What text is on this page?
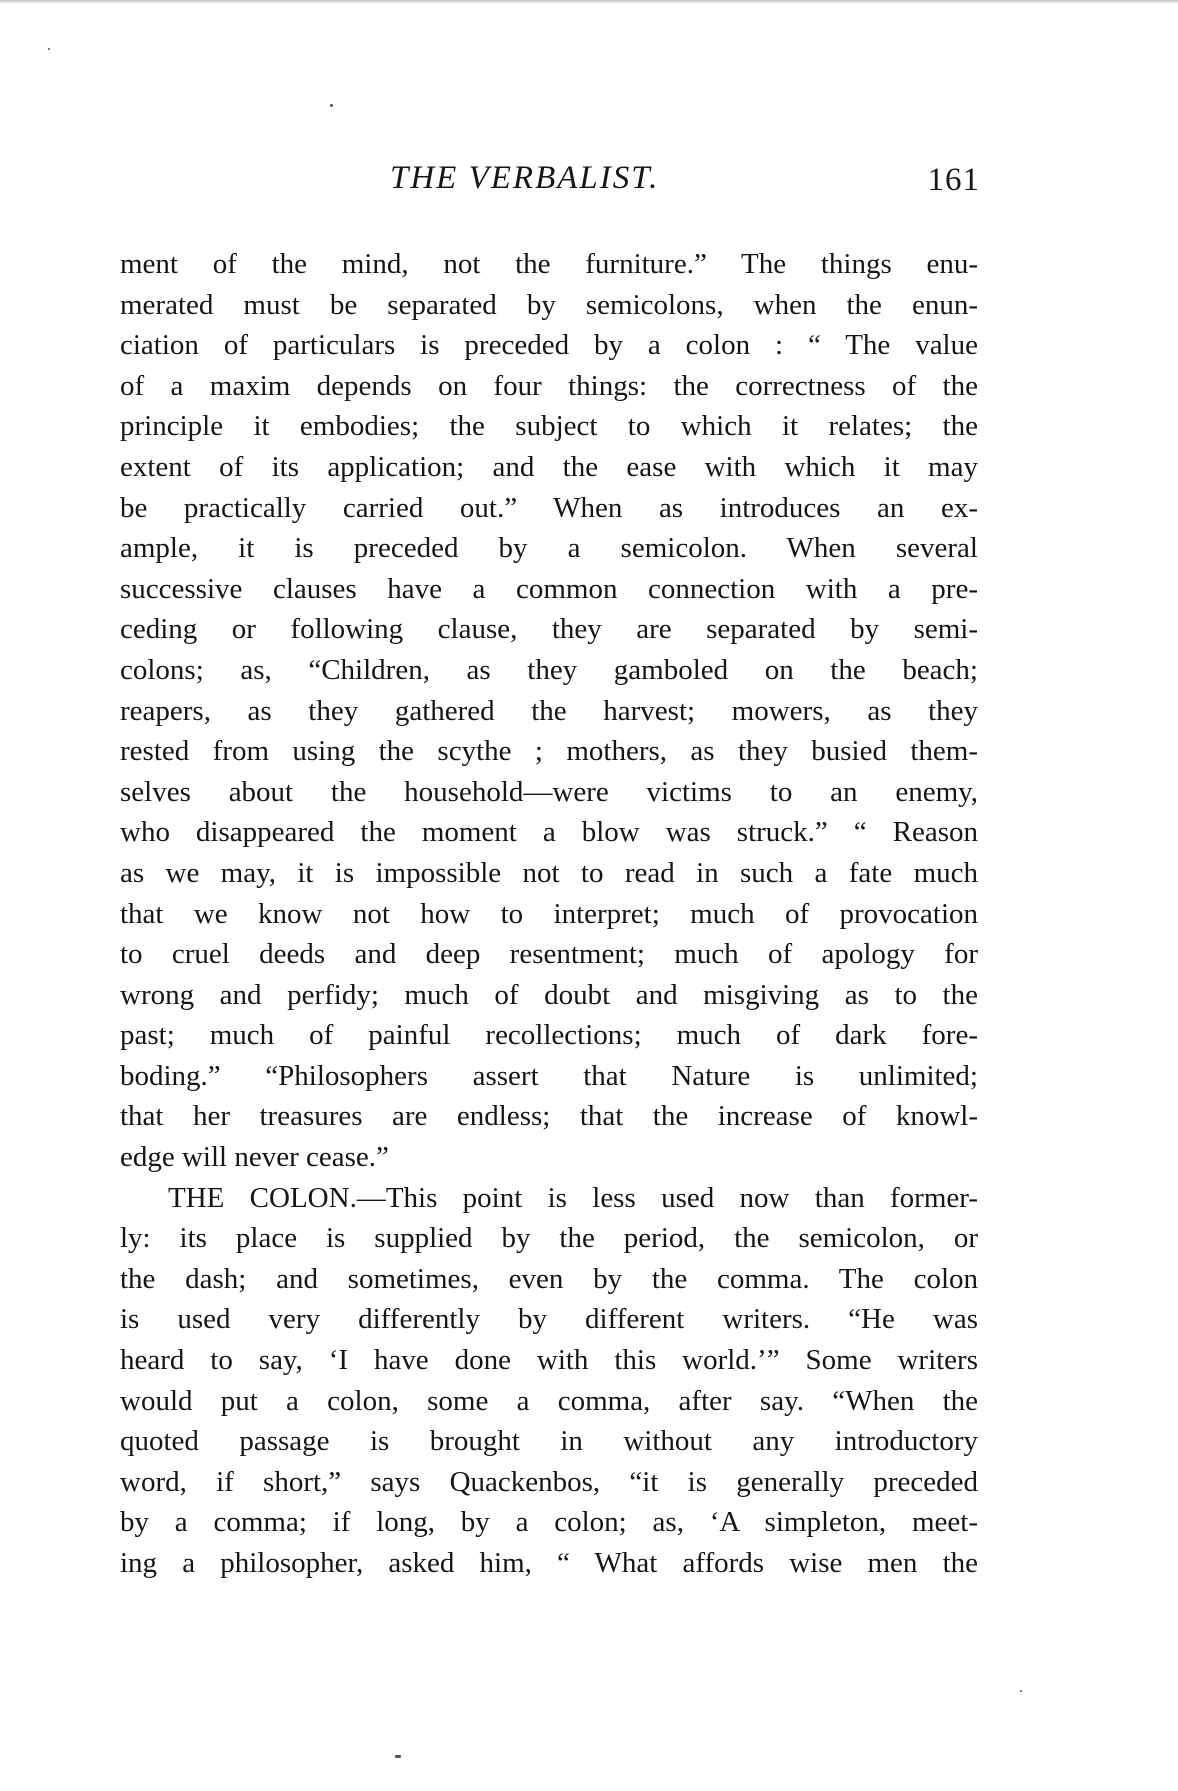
THE VERBALIST.	161
ment of the mind, not the furniture.” The things enu-
merated must be separated by semicolons, when the enun-
ciation of particulars is preceded by a colon : “ The value
of a maxim depends on four things: the correctness of the
principle it embodies; the subject to which it relates; the
extent of its application; and the ease with which it may
be practically carried out.” When as introduces an ex-
ample, it is preceded by a semicolon. When several
successive clauses have a common connection with a pre-
ceding or following clause, they are separated by semi-
colons; as, “Children, as they gamboled on the beach;
reapers, as they gathered the harvest; mowers, as they
rested from using the scythe ; mothers, as they busied them-
selves about the household—were victims to an enemy,
who disappeared the moment a blow was struck.” “ Reason
as we may, it is impossible not to read in such a fate much
that we know not how to interpret; much of provocation
to cruel deeds and deep resentment; much of apology for
wrong and perfidy; much of doubt and misgiving as to the
past; much of painful recollections; much of dark fore-
boding.” “Philosophers assert that Nature is unlimited;
that her treasures are endless; that the increase of knowl-
edge will never cease.”
THE COLON.—This point is less used now than former-
ly: its place is supplied by the period, the semicolon, or
the dash; and sometimes, even by the comma. The colon
is used very differently by different writers. “He was
heard to say, ‘I have done with this world.’” Some writers
would put a colon, some a comma, after say. “When the
quoted passage is brought in without any introductory
word, if short,” says Quackenbos, “it is generally preceded
by a comma; if long, by a colon; as, ‘A simpleton, meet-
ing a philosopher, asked him, “ What affords wise men the
